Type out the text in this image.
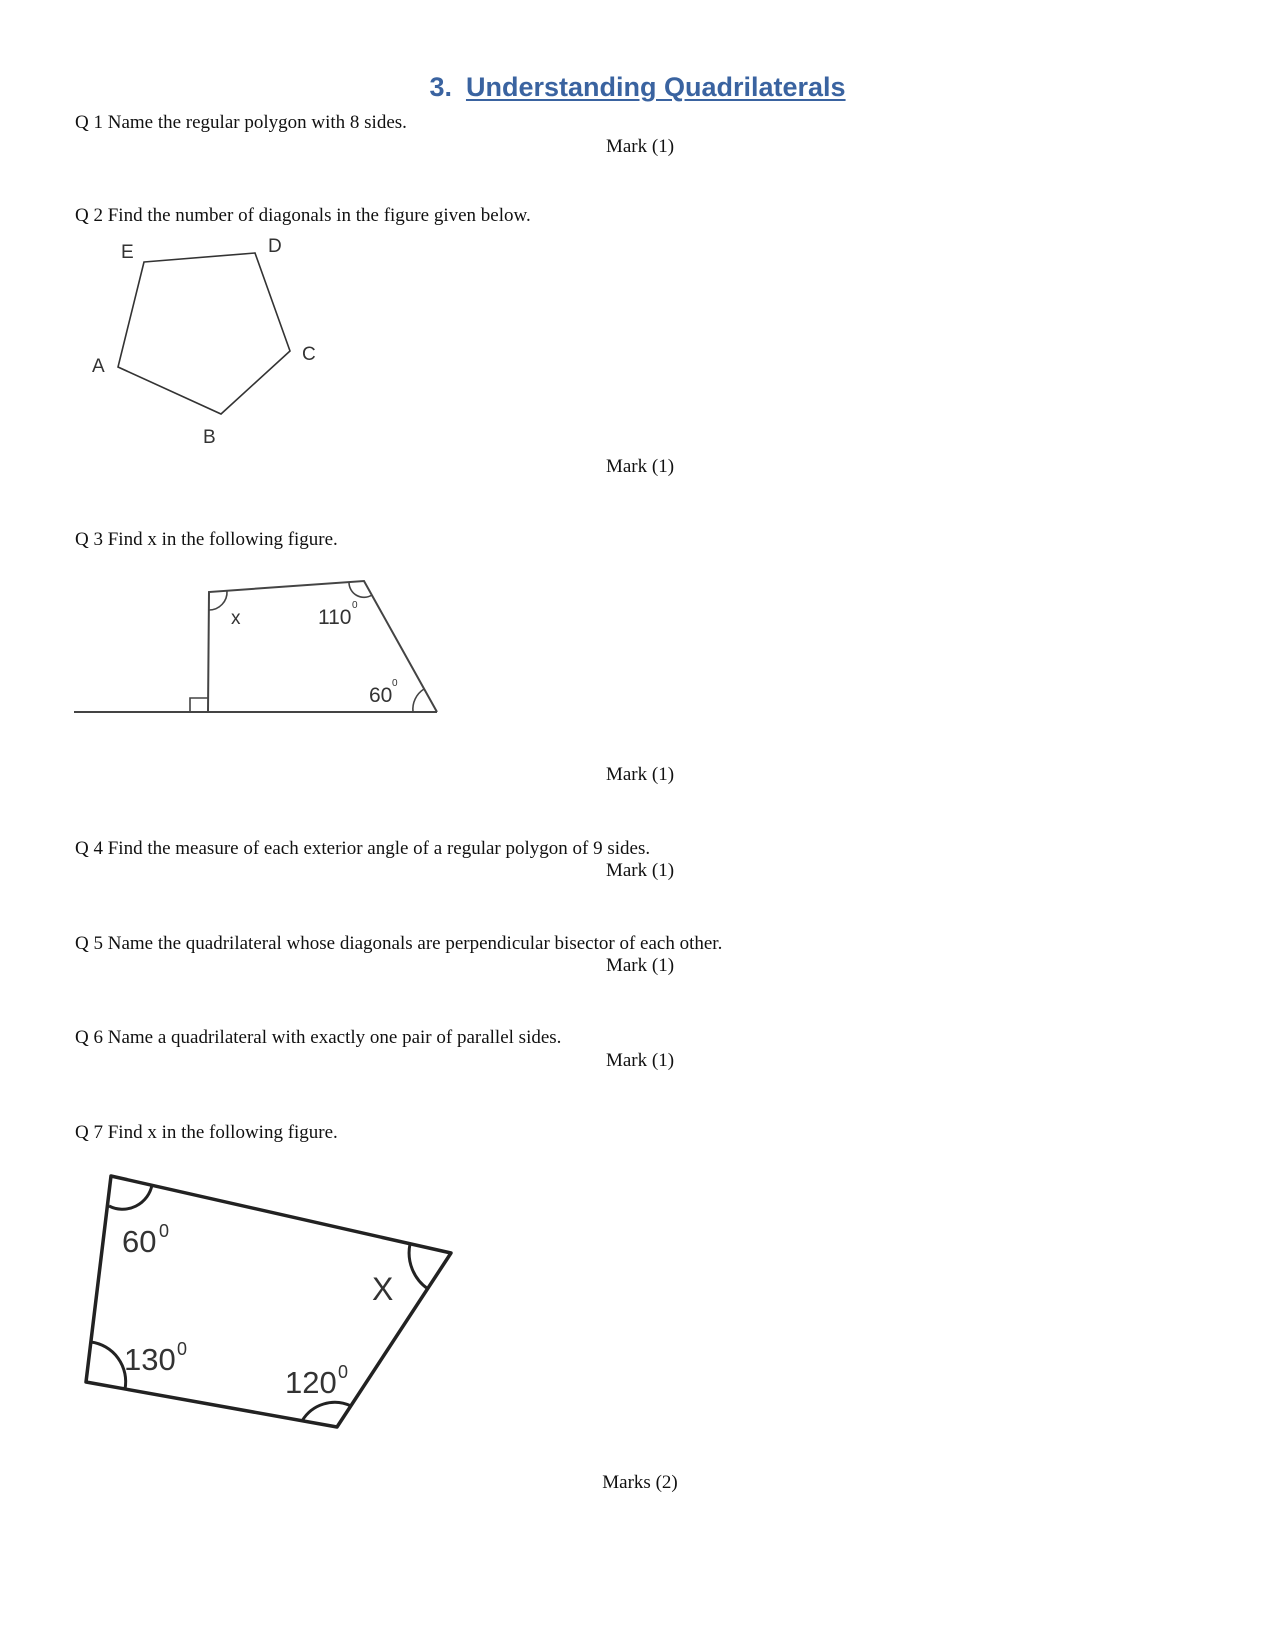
3. Understanding Quadrilaterals
Q 1 Name the regular polygon with 8 sides.
Mark (1)
Q 2 Find the number of diagonals in the figure given below.
E	D
A
C
B
Mark (1)
Q 3 Find x in the following figure.
x	110
0
60
0
Mark (1)
Q 4 Find the measure of each exterior angle of a regular polygon of 9 sides.
Mark (1)
Q 5 Name the quadrilateral whose diagonals are perpendicular bisector of each other.
Mark (1)
Q 6 Name a quadrilateral with exactly one pair of parallel sides.
Mark (1)
Q 7 Find x in the following figure.
60 0
130 0
120 0
X
Marks (2)
